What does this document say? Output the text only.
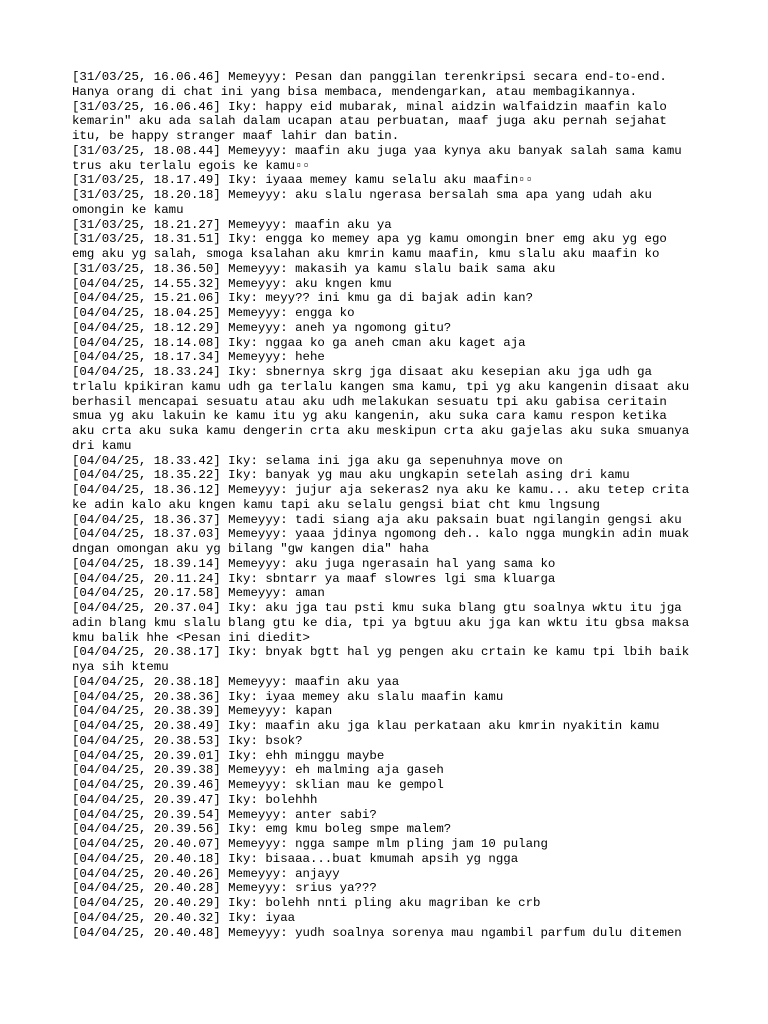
[31/03/25, 16.06.46] Memeyyy: Pesan dan panggilan terenkripsi secara end-to-end.
Hanya orang di chat ini yang bisa membaca, mendengarkan, atau membagikannya.
[31/03/25, 16.06.46] Iky: happy eid mubarak, minal aidzin walfaidzin maafin kalo
kemarin" aku ada salah dalam ucapan atau perbuatan, maaf juga aku pernah sejahat
itu, be happy stranger maaf lahir dan batin.
[31/03/25, 18.08.44] Memeyyy: maafin aku juga yaa kynya aku banyak salah sama kamu
trus aku terlalu egois ke kamu▫▫
[31/03/25, 18.17.49] Iky: iyaaa memey kamu selalu aku maafin▫▫
[31/03/25, 18.20.18] Memeyyy: aku slalu ngerasa bersalah sma apa yang udah aku
omongin ke kamu
[31/03/25, 18.21.27] Memeyyy: maafin aku ya
[31/03/25, 18.31.51] Iky: engga ko memey apa yg kamu omongin bner emg aku yg ego
emg aku yg salah, smoga ksalahan aku kmrin kamu maafin, kmu slalu aku maafin ko
[31/03/25, 18.36.50] Memeyyy: makasih ya kamu slalu baik sama aku
[04/04/25, 14.55.32] Memeyyy: aku kngen kmu
[04/04/25, 15.21.06] Iky: meyy?? ini kmu ga di bajak adin kan?
[04/04/25, 18.04.25] Memeyyy: engga ko
[04/04/25, 18.12.29] Memeyyy: aneh ya ngomong gitu?
[04/04/25, 18.14.08] Iky: nggaa ko ga aneh cman aku kaget aja
[04/04/25, 18.17.34] Memeyyy: hehe
[04/04/25, 18.33.24] Iky: sbnernya skrg jga disaat aku kesepian aku jga udh ga
trlalu kpikiran kamu udh ga terlalu kangen sma kamu, tpi yg aku kangenin disaat aku
berhasil mencapai sesuatu atau aku udh melakukan sesuatu tpi aku gabisa ceritain
smua yg aku lakuin ke kamu itu yg aku kangenin, aku suka cara kamu respon ketika
aku crta aku suka kamu dengerin crta aku meskipun crta aku gajelas aku suka smuanya
dri kamu
[04/04/25, 18.33.42] Iky: selama ini jga aku ga sepenuhnya move on
[04/04/25, 18.35.22] Iky: banyak yg mau aku ungkapin setelah asing dri kamu
[04/04/25, 18.36.12] Memeyyy: jujur aja sekeras2 nya aku ke kamu... aku tetep crita
ke adin kalo aku kngen kamu tapi aku selalu gengsi biat cht kmu lngsung
[04/04/25, 18.36.37] Memeyyy: tadi siang aja aku paksain buat ngilangin gengsi aku
[04/04/25, 18.37.03] Memeyyy: yaaa jdinya ngomong deh.. kalo ngga mungkin adin muak
dngan omongan aku yg bilang "gw kangen dia" haha
[04/04/25, 18.39.14] Memeyyy: aku juga ngerasain hal yang sama ko
[04/04/25, 20.11.24] Iky: sbntarr ya maaf slowres lgi sma kluarga
[04/04/25, 20.17.58] Memeyyy: aman
[04/04/25, 20.37.04] Iky: aku jga tau psti kmu suka blang gtu soalnya wktu itu jga
adin blang kmu slalu blang gtu ke dia, tpi ya bgtuu aku jga kan wktu itu gbsa maksa
kmu balik hhe <Pesan ini diedit>
[04/04/25, 20.38.17] Iky: bnyak bgtt hal yg pengen aku crtain ke kamu tpi lbih baik
nya sih ktemu
[04/04/25, 20.38.18] Memeyyy: maafin aku yaa
[04/04/25, 20.38.36] Iky: iyaa memey aku slalu maafin kamu
[04/04/25, 20.38.39] Memeyyy: kapan
[04/04/25, 20.38.49] Iky: maafin aku jga klau perkataan aku kmrin nyakitin kamu
[04/04/25, 20.38.53] Iky: bsok?
[04/04/25, 20.39.01] Iky: ehh minggu maybe
[04/04/25, 20.39.38] Memeyyy: eh malming aja gaseh
[04/04/25, 20.39.46] Memeyyy: sklian mau ke gempol
[04/04/25, 20.39.47] Iky: bolehhh
[04/04/25, 20.39.54] Memeyyy: anter sabi?
[04/04/25, 20.39.56] Iky: emg kmu boleg smpe malem?
[04/04/25, 20.40.07] Memeyyy: ngga sampe mlm pling jam 10 pulang
[04/04/25, 20.40.18] Iky: bisaaa...buat kmumah apsih yg ngga
[04/04/25, 20.40.26] Memeyyy: anjayy
[04/04/25, 20.40.28] Memeyyy: srius ya???
[04/04/25, 20.40.29] Iky: bolehh nnti pling aku magriban ke crb
[04/04/25, 20.40.32] Iky: iyaa
[04/04/25, 20.40.48] Memeyyy: yudh soalnya sorenya mau ngambil parfum dulu ditemen
